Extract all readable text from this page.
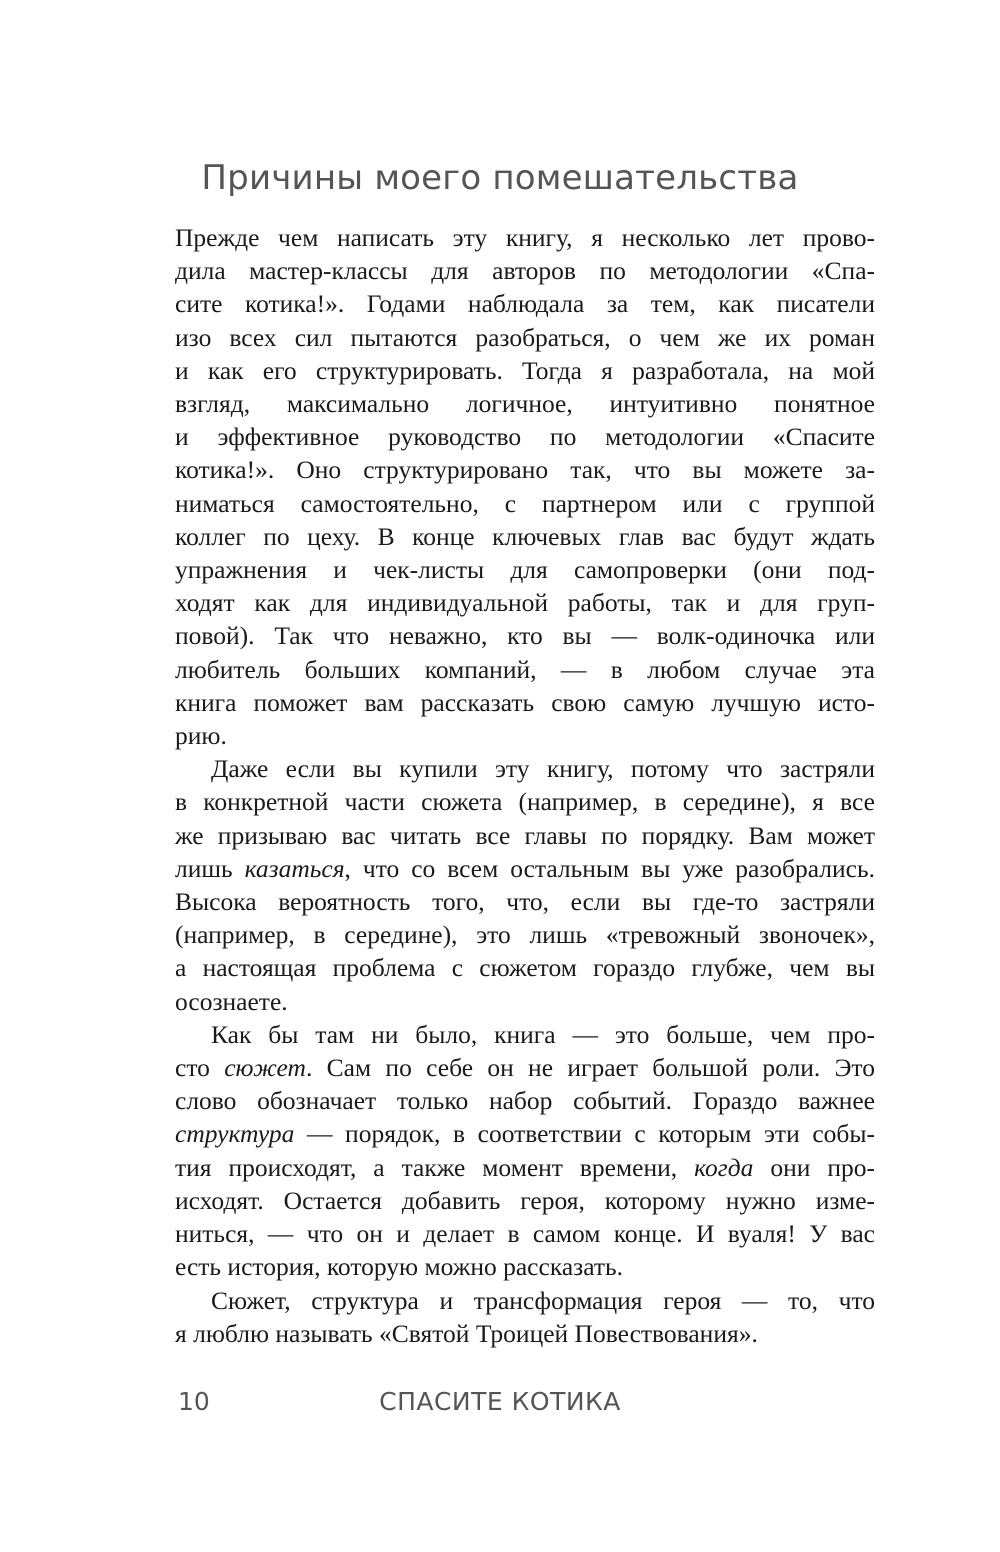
Причины моего помешательства
Прежде чем написать эту книгу, я несколько лет прово-
дила мастер-классы для авторов по методологии «Спа-
сите котика!». Годами наблюдала за тем, как писатели
изо всех сил пытаются разобраться, о чем же их роман
и как его структурировать. Тогда я разработала, на мой
взгляд, максимально логичное, интуитивно понятное
и эффективное руководство по методологии «Спасите
котика!». Оно структурировано так, что вы можете за-
ниматься самостоятельно, с партнером или с группой
коллег по цеху. В конце ключевых глав вас будут ждать
упражнения и чек-листы для самопроверки (они под-
ходят как для индивидуальной работы, так и для груп-
повой). Так что неважно, кто вы — волк-одиночка или
любитель больших компаний, — в любом случае эта
книга поможет вам рассказать свою самую лучшую исто-
рию.
Даже если вы купили эту книгу, потому что застряли
в конкретной части сюжета (например, в середине), я все
же призываю вас читать все главы по порядку. Вам может
лишь казаться, что со всем остальным вы уже разобрались.
Высока вероятность того, что, если вы где-то застряли
(например, в середине), это лишь «тревожный звоночек»,
а настоящая проблема с сюжетом гораздо глубже, чем вы
осознаете.
Как бы там ни было, книга — это больше, чем про-
сто сюжет. Сам по себе он не играет большой роли. Это
слово обозначает только набор событий. Гораздо важнее
структура — порядок, в соответствии с которым эти собы-
тия происходят, а также момент времени, когда они про-
исходят. Остается добавить героя, которому нужно изме-
ниться, — что он и делает в самом конце. И вуаля! У вас
есть история, которую можно рассказать.
Сюжет, структура и трансформация героя — то, что
я люблю называть «Святой Троицей Повествования».
10	СПАСИТЕ КОТИКА
